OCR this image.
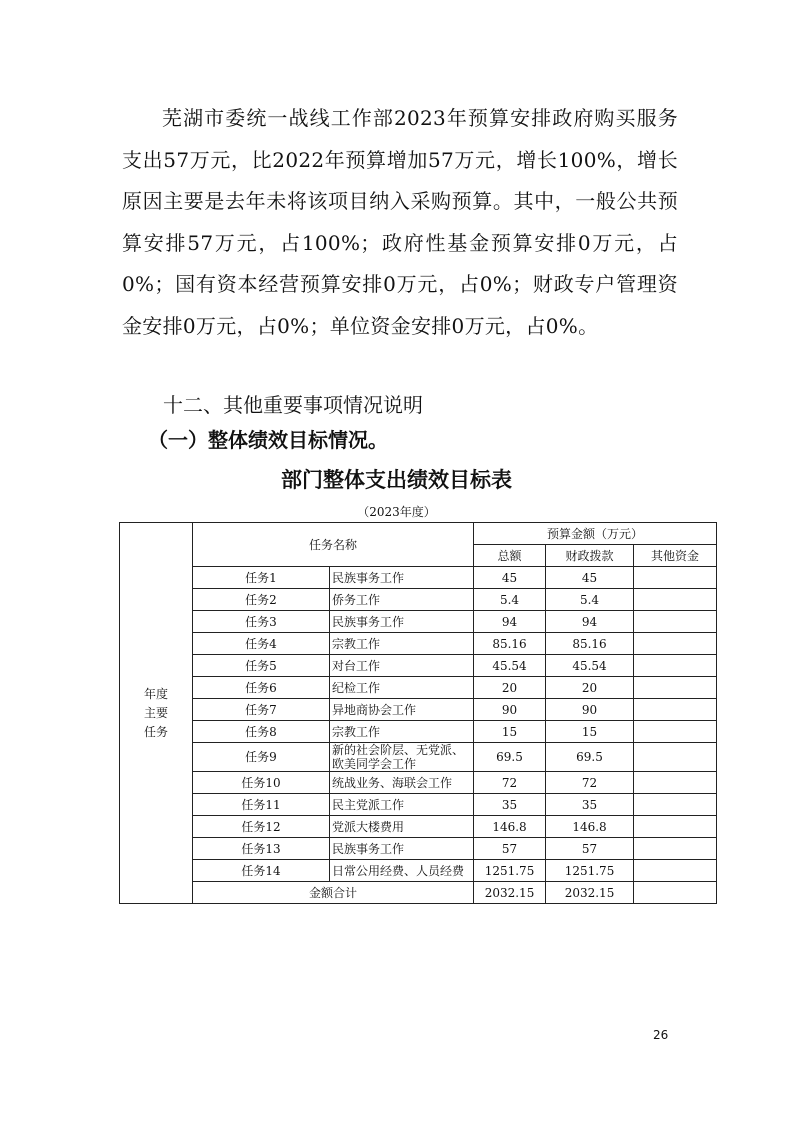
芜湖市委统一战线工作部2023年预算安排政府购买服务支出57万元，比2022年预算增加57万元，增长100%，增长原因主要是去年未将该项目纳入采购预算。其中，一般公共预算安排57万元，占100%；政府性基金预算安排0万元，占0%；国有资本经营预算安排0万元，占0%；财政专户管理资金安排0万元，占0%；单位资金安排0万元，占0%。

十二、其他重要事项情况说明

（一）整体绩效目标情况。

部门整体支出绩效目标表

（2023年度）

年度
主要
任务	任务名称		预算金额（万元）		
			总额	财政拨款	其他资金
	任务1	民族事务工作	45	45	
	任务2	侨务工作	5.4	5.4	
	任务3	民族事务工作	94	94	
	任务4	宗教工作	85.16	85.16	
	任务5	对台工作	45.54	45.54	
	任务6	纪检工作	20	20	
	任务7	异地商协会工作	90	90	
	任务8	宗教工作	15	15	
	任务9	新的社会阶层、无党派、欧美同学会工作	69.5	69.5	
	任务10	统战业务、海联会工作	72	72	
	任务11	民主党派工作	35	35	
	任务12	党派大楼费用	146.8	146.8	
	任务13	民族事务工作	57	57	
	任务14	日常公用经费、人员经费	1251.75	1251.75	
	金额合计		2032.15	2032.15	
26
